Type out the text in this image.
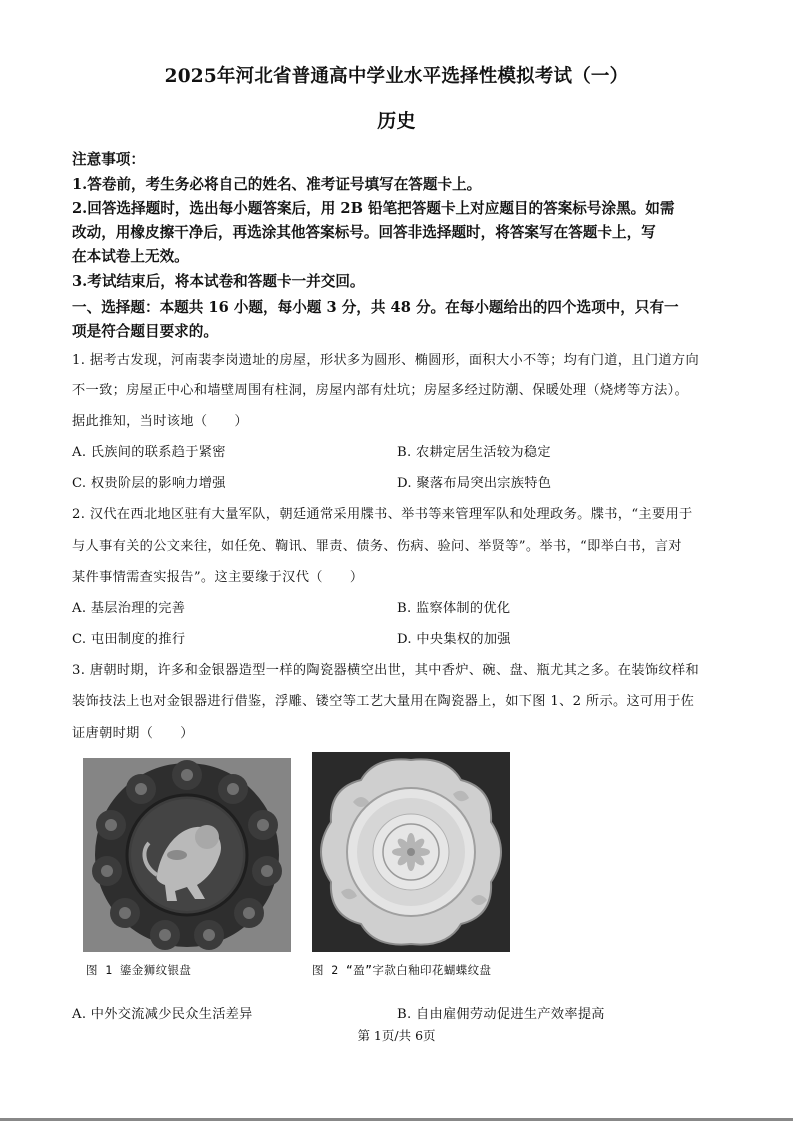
2025年河北省普通高中学业水平选择性模拟考试（一）
历史
注意事项：
1.答卷前，考生务必将自己的姓名、准考证号填写在答题卡上。
2.回答选择题时，选出每小题答案后，用 2B 铅笔把答题卡上对应题目的答案标号涂黑。如需
改动，用橡皮擦干净后，再选涂其他答案标号。回答非选择题时，将答案写在答题卡上，写
在本试卷上无效。
3.考试结束后，将本试卷和答题卡一并交回。
一、选择题：本题共 16 小题，每小题 3 分，共 48 分。在每小题给出的四个选项中，只有一
项是符合题目要求的。
1. 据考古发现，河南裴李岗遗址的房屋，形状多为圆形、椭圆形，面积大小不等；均有门道，且门道方向
不一致；房屋正中心和墙壁周围有柱洞，房屋内部有灶坑；房屋多经过防潮、保暖处理（烧烤等方法）。
据此推知，当时该地（　　）
A. 氏族间的联系趋于紧密	B. 农耕定居生活较为稳定
C. 权贵阶层的影响力增强	D. 聚落布局突出宗族特色
2. 汉代在西北地区驻有大量军队，朝廷通常采用牒书、举书等来管理军队和处理政务。牒书，“主要用于
与人事有关的公文来往，如任免、鞫讯、罪责、债务、伤病、验问、举贤等”。举书，“即举白书，言对
某件事情需查实报告”。这主要缘于汉代（　　）
A. 基层治理的完善	B. 监察体制的优化
C. 屯田制度的推行	D. 中央集权的加强
3. 唐朝时期，许多和金银器造型一样的陶瓷器横空出世，其中香炉、碗、盘、瓶尤其之多。在装饰纹样和
装饰技法上也对金银器进行借鉴，浮雕、镂空等工艺大量用在陶瓷器上，如下图 1、2 所示。这可用于佐
证唐朝时期（　　）
图 1 鎏金狮纹银盘	图 2 “盈”字款白釉印花蝴蝶纹盘
A. 中外交流减少民众生活差异	B. 自由雇佣劳动促进生产效率提高
第 1页/共 6页
